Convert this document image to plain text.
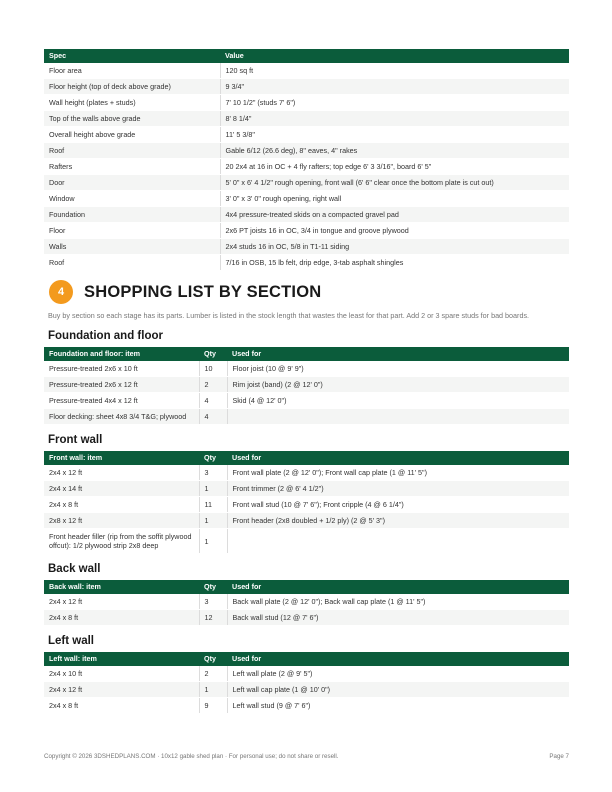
Spec	Value
Floor area	120 sq ft
Floor height (top of deck above grade)	9 3/4"
Wall height (plates + studs)	7' 10 1/2" (studs 7' 6")
Top of the walls above grade	8' 8 1/4"
Overall height above grade	11' 5 3/8"
Roof	Gable 6/12 (26.6 deg), 8" eaves, 4" rakes
Rafters	20 2x4 at 16 in OC + 4 fly rafters; top edge 6' 3 3/16", board 6' 5"
Door	5' 0" x 6' 4 1/2" rough opening, front wall (6' 6" clear once the bottom plate is cut out)
Window	3' 0" x 3' 0" rough opening, right wall
Foundation	4x4 pressure-treated skids on a compacted gravel pad
Floor	2x6 PT joists 16 in OC, 3/4 in tongue and groove plywood
Walls	2x4 studs 16 in OC, 5/8 in T1-11 siding
Roof	7/16 in OSB, 15 lb felt, drip edge, 3-tab asphalt shingles
4	SHOPPING LIST BY SECTION
Buy by section so each stage has its parts. Lumber is listed in the stock length that wastes the least for that part. Add 2 or 3 spare studs for bad boards.
Foundation and floor
Foundation and floor: item	Qty	Used for
Pressure-treated 2x6 x 10 ft	10	Floor joist (10 @ 9' 9")
Pressure-treated 2x6 x 12 ft	2	Rim joist (band) (2 @ 12' 0")
Pressure-treated 4x4 x 12 ft	4	Skid (4 @ 12' 0")
Floor decking: sheet 4x8 3/4 T&G; plywood	4	
Front wall
Front wall: item	Qty	Used for
2x4 x 12 ft	3	Front wall plate (2 @ 12' 0"); Front wall cap plate (1 @ 11' 5")
2x4 x 14 ft	1	Front trimmer (2 @ 6' 4 1/2")
2x4 x 8 ft	11	Front wall stud (10 @ 7' 6"); Front cripple (4 @ 6 1/4")
2x8 x 12 ft	1	Front header (2x8 doubled + 1/2 ply) (2 @ 5' 3")
Front header filler (rip from the soffit plywood offcut): 1/2 plywood strip 2x8 deep	1	
Back wall
Back wall: item	Qty	Used for
2x4 x 12 ft	3	Back wall plate (2 @ 12' 0"); Back wall cap plate (1 @ 11' 5")
2x4 x 8 ft	12	Back wall stud (12 @ 7' 6")
Left wall
Left wall: item	Qty	Used for
2x4 x 10 ft	2	Left wall plate (2 @ 9' 5")
2x4 x 12 ft	1	Left wall cap plate (1 @ 10' 0")
2x4 x 8 ft	9	Left wall stud (9 @ 7' 6")
Copyright © 2026 3DSHEDPLANS.COM · 10x12 gable shed plan · For personal use; do not share or resell.	Page 7
